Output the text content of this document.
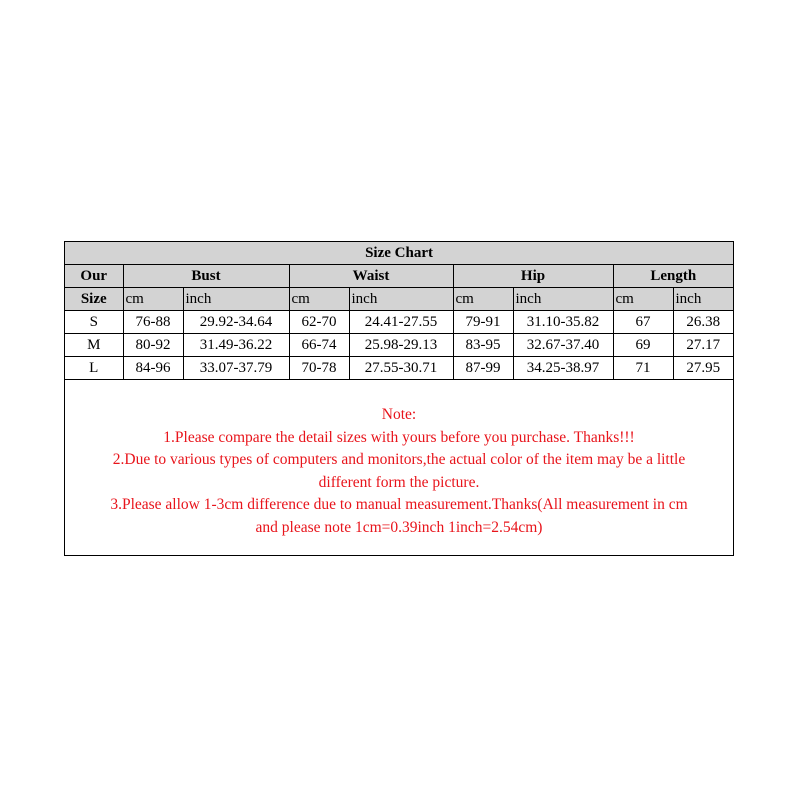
Size Chart								
Our	Bust		Waist		Hip		Length	
Size	cm	inch	cm	inch	cm	inch	cm	inch
S	76-88	29.92-34.64	62-70	24.41-27.55	79-91	31.10-35.82	67	26.38
M	80-92	31.49-36.22	66-74	25.98-29.13	83-95	32.67-37.40	69	27.17
L	84-96	33.07-37.79	70-78	27.55-30.71	87-99	34.25-38.97	71	27.95
Note:
1.Please compare the detail sizes with yours before you purchase. Thanks!!!
2.Due to various types of computers and monitors,the actual color of the item may be a little
different form the picture.
3.Please allow 1-3cm difference due to manual measurement.Thanks(All measurement in cm
and please note 1cm=0.39inch 1inch=2.54cm)
